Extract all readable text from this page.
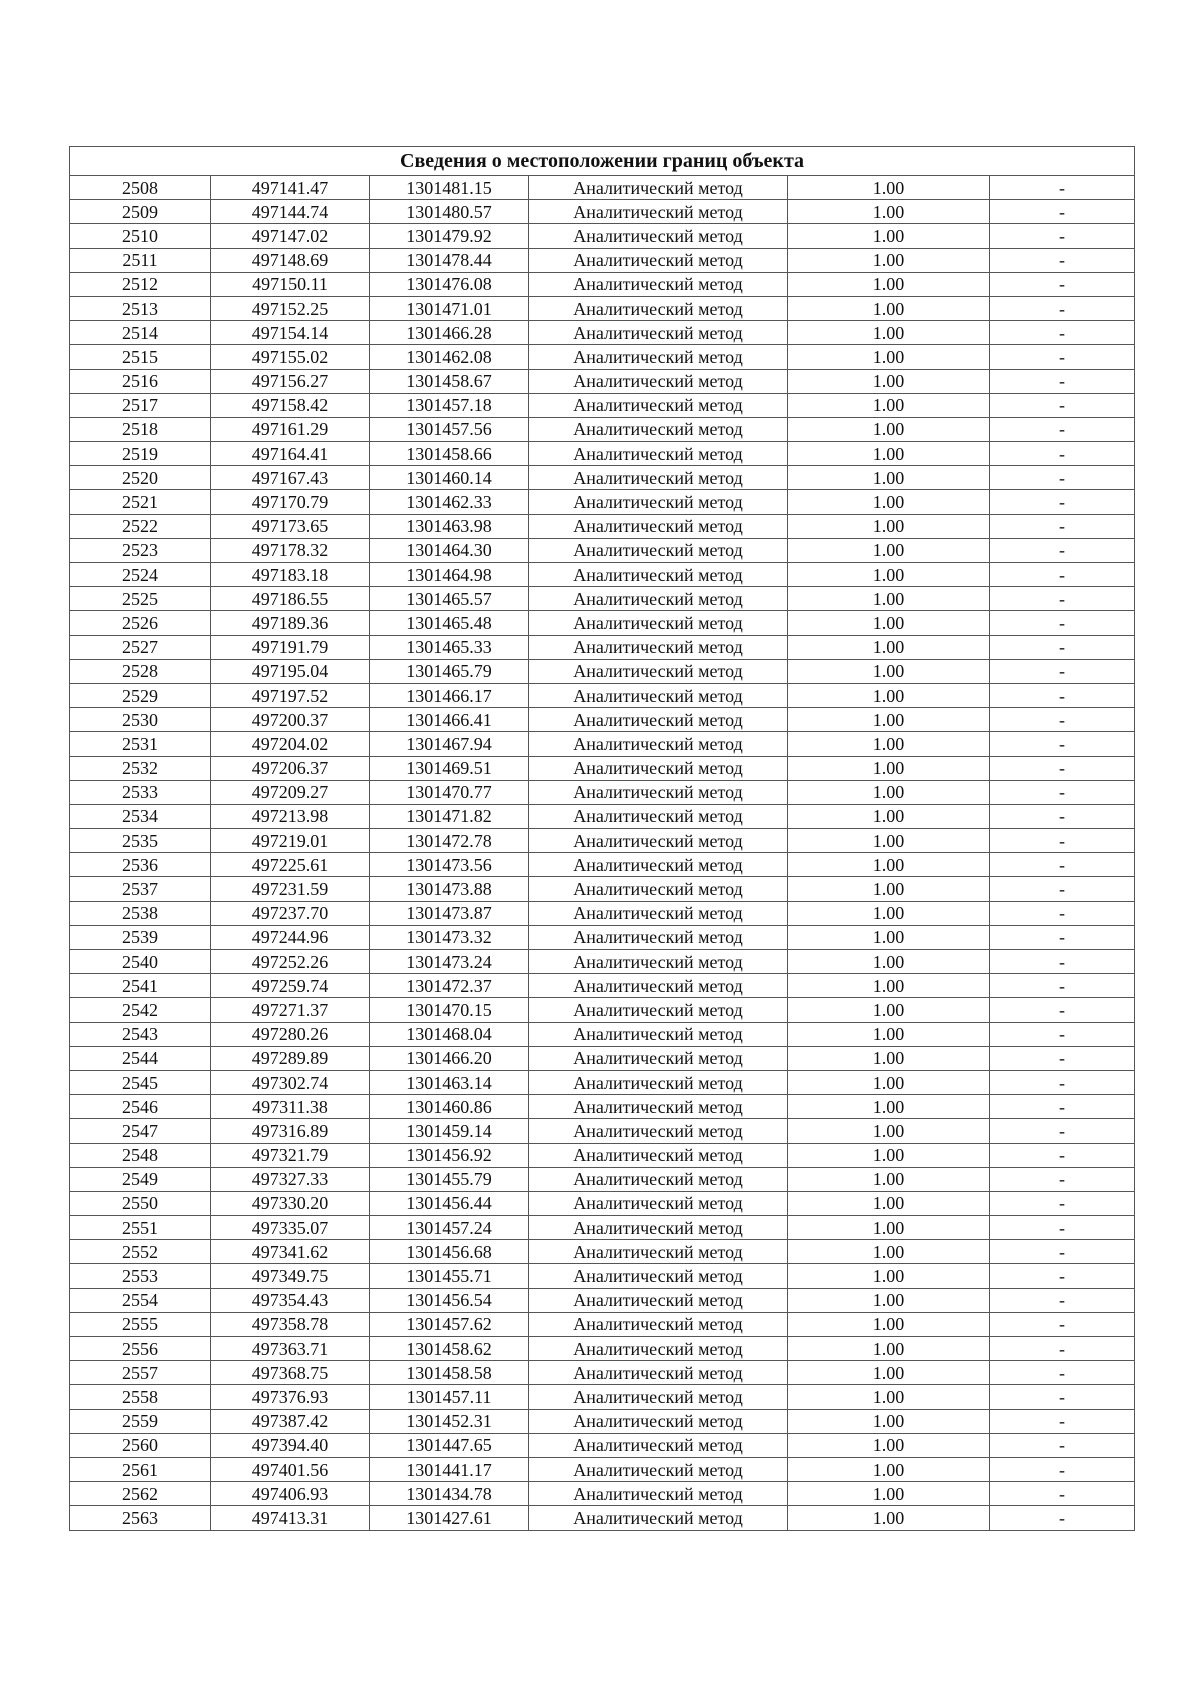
Сведения о местоположении границ объекта					
2508	497141.47	1301481.15	Аналитический метод	1.00	-
2509	497144.74	1301480.57	Аналитический метод	1.00	-
2510	497147.02	1301479.92	Аналитический метод	1.00	-
2511	497148.69	1301478.44	Аналитический метод	1.00	-
2512	497150.11	1301476.08	Аналитический метод	1.00	-
2513	497152.25	1301471.01	Аналитический метод	1.00	-
2514	497154.14	1301466.28	Аналитический метод	1.00	-
2515	497155.02	1301462.08	Аналитический метод	1.00	-
2516	497156.27	1301458.67	Аналитический метод	1.00	-
2517	497158.42	1301457.18	Аналитический метод	1.00	-
2518	497161.29	1301457.56	Аналитический метод	1.00	-
2519	497164.41	1301458.66	Аналитический метод	1.00	-
2520	497167.43	1301460.14	Аналитический метод	1.00	-
2521	497170.79	1301462.33	Аналитический метод	1.00	-
2522	497173.65	1301463.98	Аналитический метод	1.00	-
2523	497178.32	1301464.30	Аналитический метод	1.00	-
2524	497183.18	1301464.98	Аналитический метод	1.00	-
2525	497186.55	1301465.57	Аналитический метод	1.00	-
2526	497189.36	1301465.48	Аналитический метод	1.00	-
2527	497191.79	1301465.33	Аналитический метод	1.00	-
2528	497195.04	1301465.79	Аналитический метод	1.00	-
2529	497197.52	1301466.17	Аналитический метод	1.00	-
2530	497200.37	1301466.41	Аналитический метод	1.00	-
2531	497204.02	1301467.94	Аналитический метод	1.00	-
2532	497206.37	1301469.51	Аналитический метод	1.00	-
2533	497209.27	1301470.77	Аналитический метод	1.00	-
2534	497213.98	1301471.82	Аналитический метод	1.00	-
2535	497219.01	1301472.78	Аналитический метод	1.00	-
2536	497225.61	1301473.56	Аналитический метод	1.00	-
2537	497231.59	1301473.88	Аналитический метод	1.00	-
2538	497237.70	1301473.87	Аналитический метод	1.00	-
2539	497244.96	1301473.32	Аналитический метод	1.00	-
2540	497252.26	1301473.24	Аналитический метод	1.00	-
2541	497259.74	1301472.37	Аналитический метод	1.00	-
2542	497271.37	1301470.15	Аналитический метод	1.00	-
2543	497280.26	1301468.04	Аналитический метод	1.00	-
2544	497289.89	1301466.20	Аналитический метод	1.00	-
2545	497302.74	1301463.14	Аналитический метод	1.00	-
2546	497311.38	1301460.86	Аналитический метод	1.00	-
2547	497316.89	1301459.14	Аналитический метод	1.00	-
2548	497321.79	1301456.92	Аналитический метод	1.00	-
2549	497327.33	1301455.79	Аналитический метод	1.00	-
2550	497330.20	1301456.44	Аналитический метод	1.00	-
2551	497335.07	1301457.24	Аналитический метод	1.00	-
2552	497341.62	1301456.68	Аналитический метод	1.00	-
2553	497349.75	1301455.71	Аналитический метод	1.00	-
2554	497354.43	1301456.54	Аналитический метод	1.00	-
2555	497358.78	1301457.62	Аналитический метод	1.00	-
2556	497363.71	1301458.62	Аналитический метод	1.00	-
2557	497368.75	1301458.58	Аналитический метод	1.00	-
2558	497376.93	1301457.11	Аналитический метод	1.00	-
2559	497387.42	1301452.31	Аналитический метод	1.00	-
2560	497394.40	1301447.65	Аналитический метод	1.00	-
2561	497401.56	1301441.17	Аналитический метод	1.00	-
2562	497406.93	1301434.78	Аналитический метод	1.00	-
2563	497413.31	1301427.61	Аналитический метод	1.00	-
